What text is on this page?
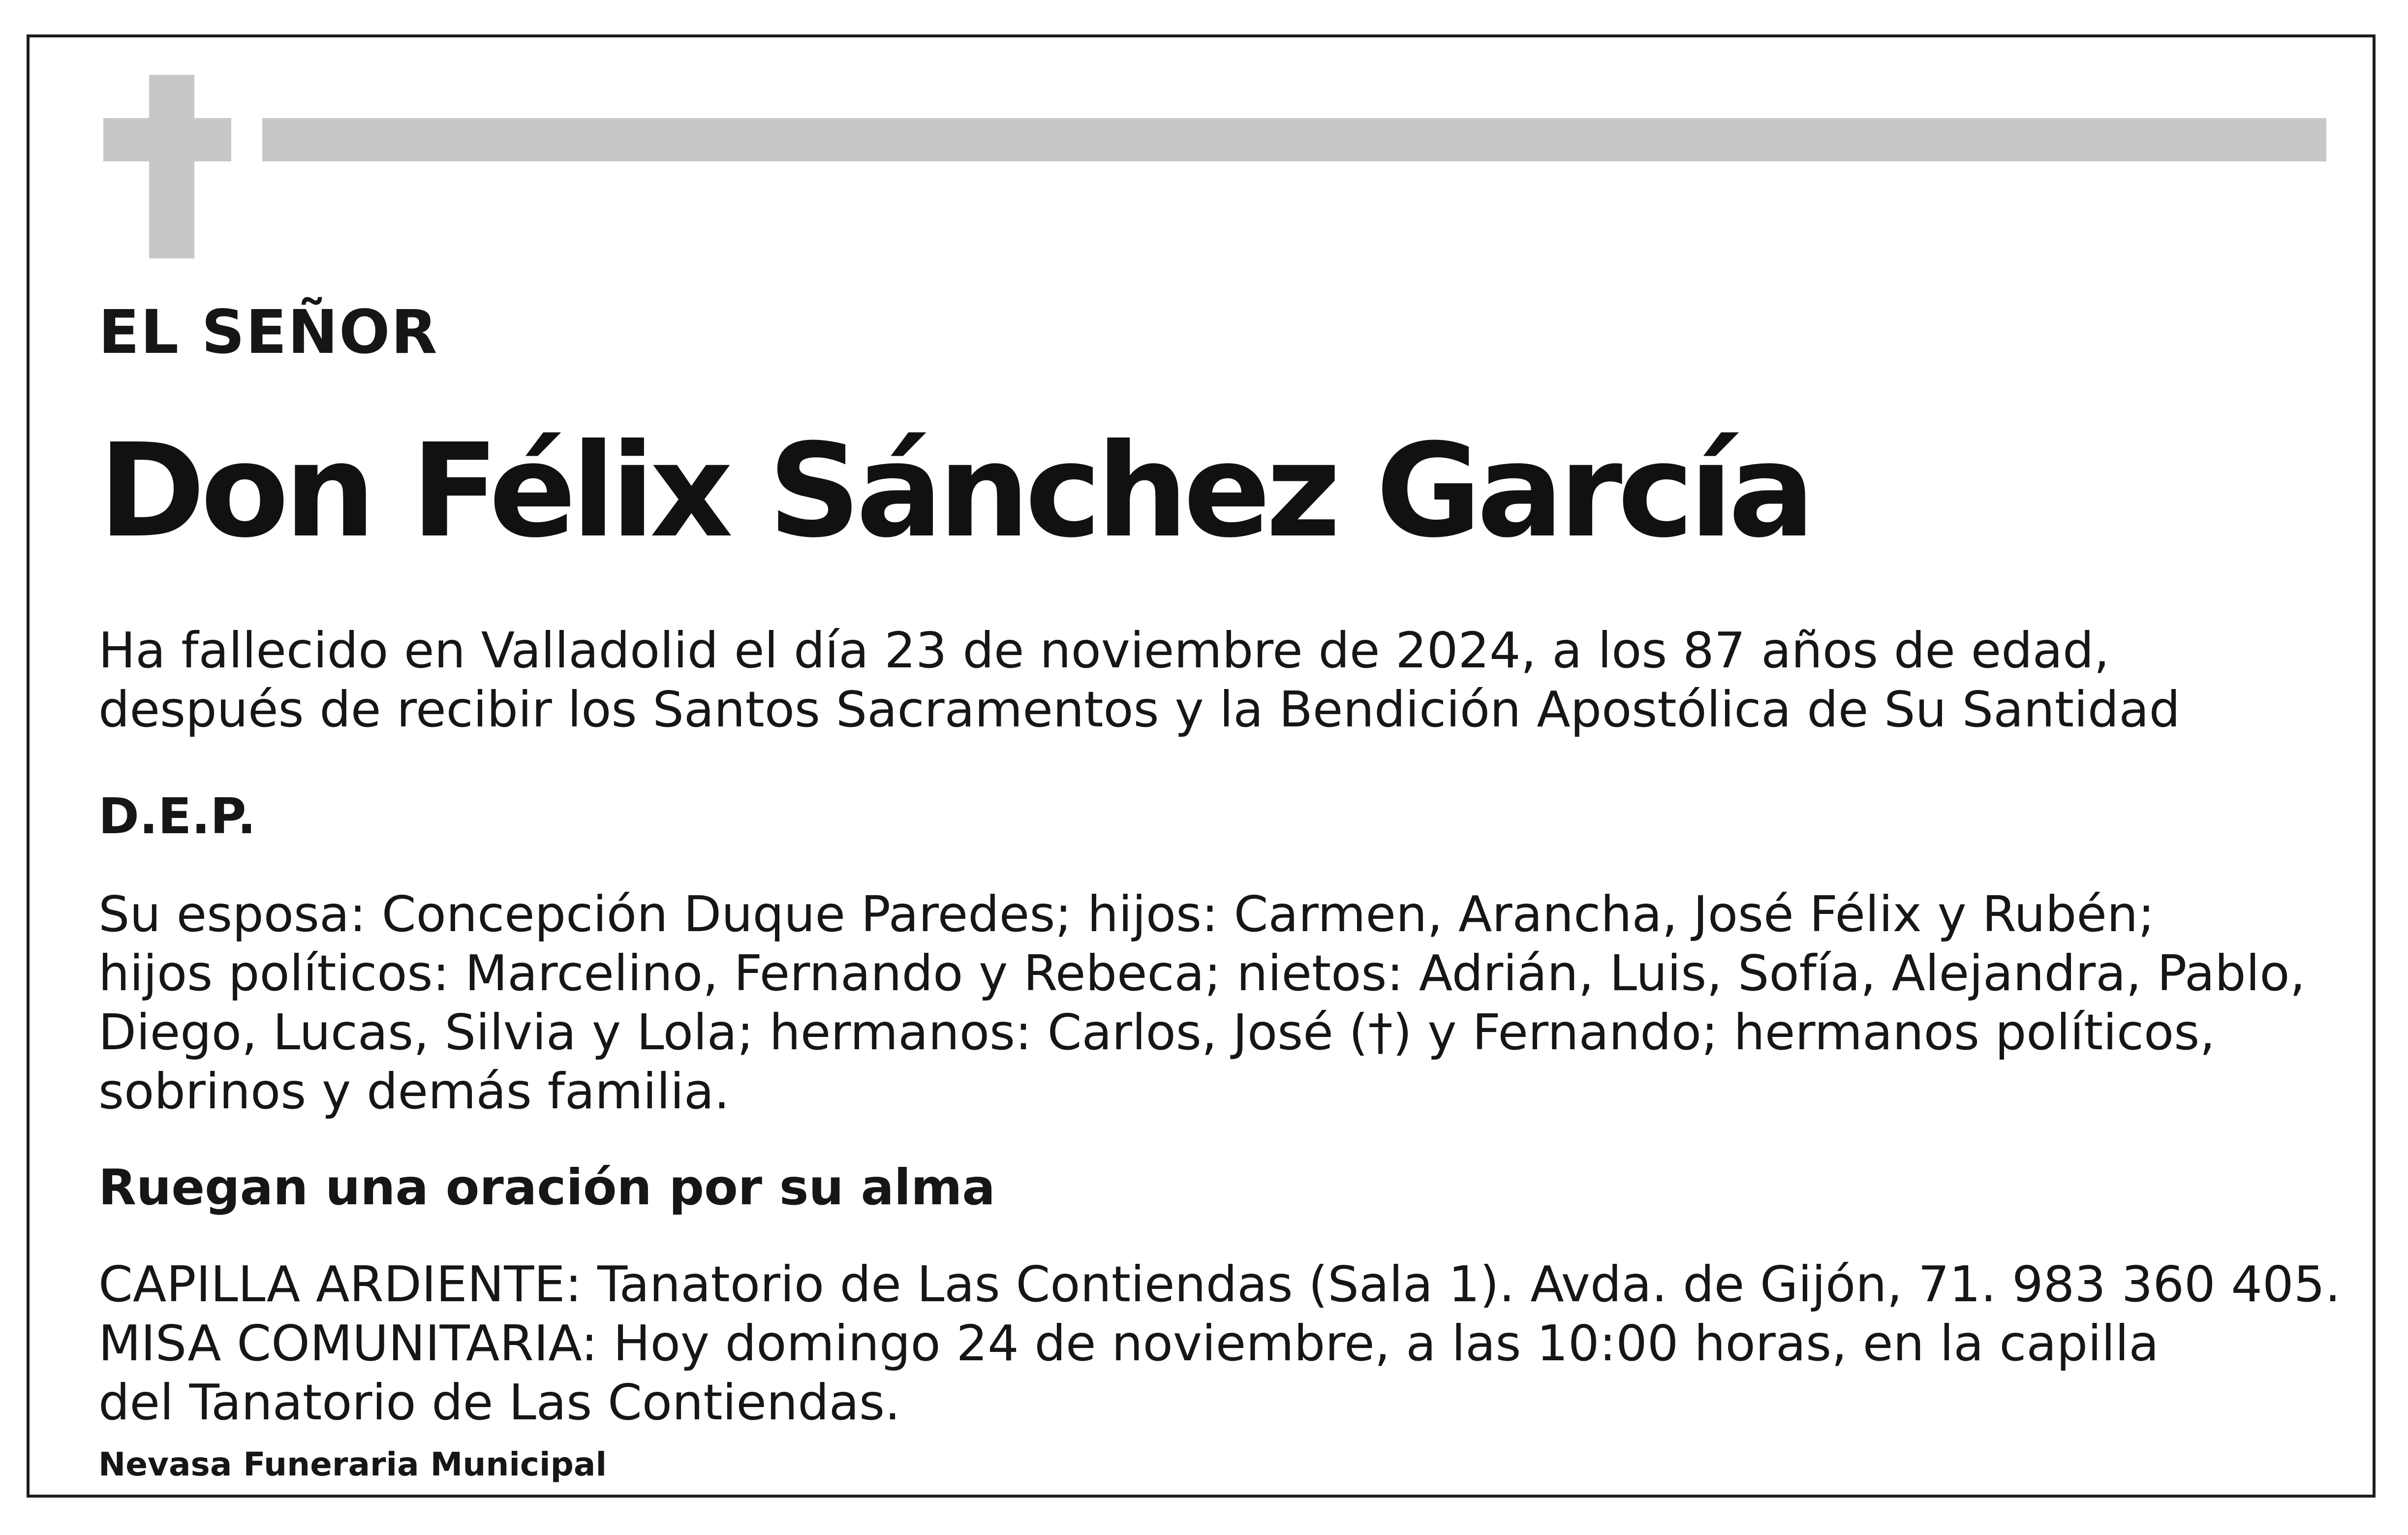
EL SEÑOR
Don Félix Sánchez García
Ha fallecido en Valladolid el día 23 de noviembre de 2024, a los 87 años de edad,
después de recibir los Santos Sacramentos y la Bendición Apostólica de Su Santidad
D.E.P.
Su esposa: Concepción Duque Paredes; hijos: Carmen, Arancha, José Félix y Rubén;
hijos políticos: Marcelino, Fernando y Rebeca; nietos: Adrián, Luis, Sofía, Alejandra, Pablo,
Diego, Lucas, Silvia y Lola; hermanos: Carlos, José (†) y Fernando; hermanos políticos,
sobrinos y demás familia.
Ruegan una oración por su alma
CAPILLA ARDIENTE: Tanatorio de Las Contiendas (Sala 1). Avda. de Gijón, 71. 983 360 405.
MISA COMUNITARIA: Hoy domingo 24 de noviembre, a las 10:00 horas, en la capilla
del Tanatorio de Las Contiendas.
Nevasa Funeraria Municipal
